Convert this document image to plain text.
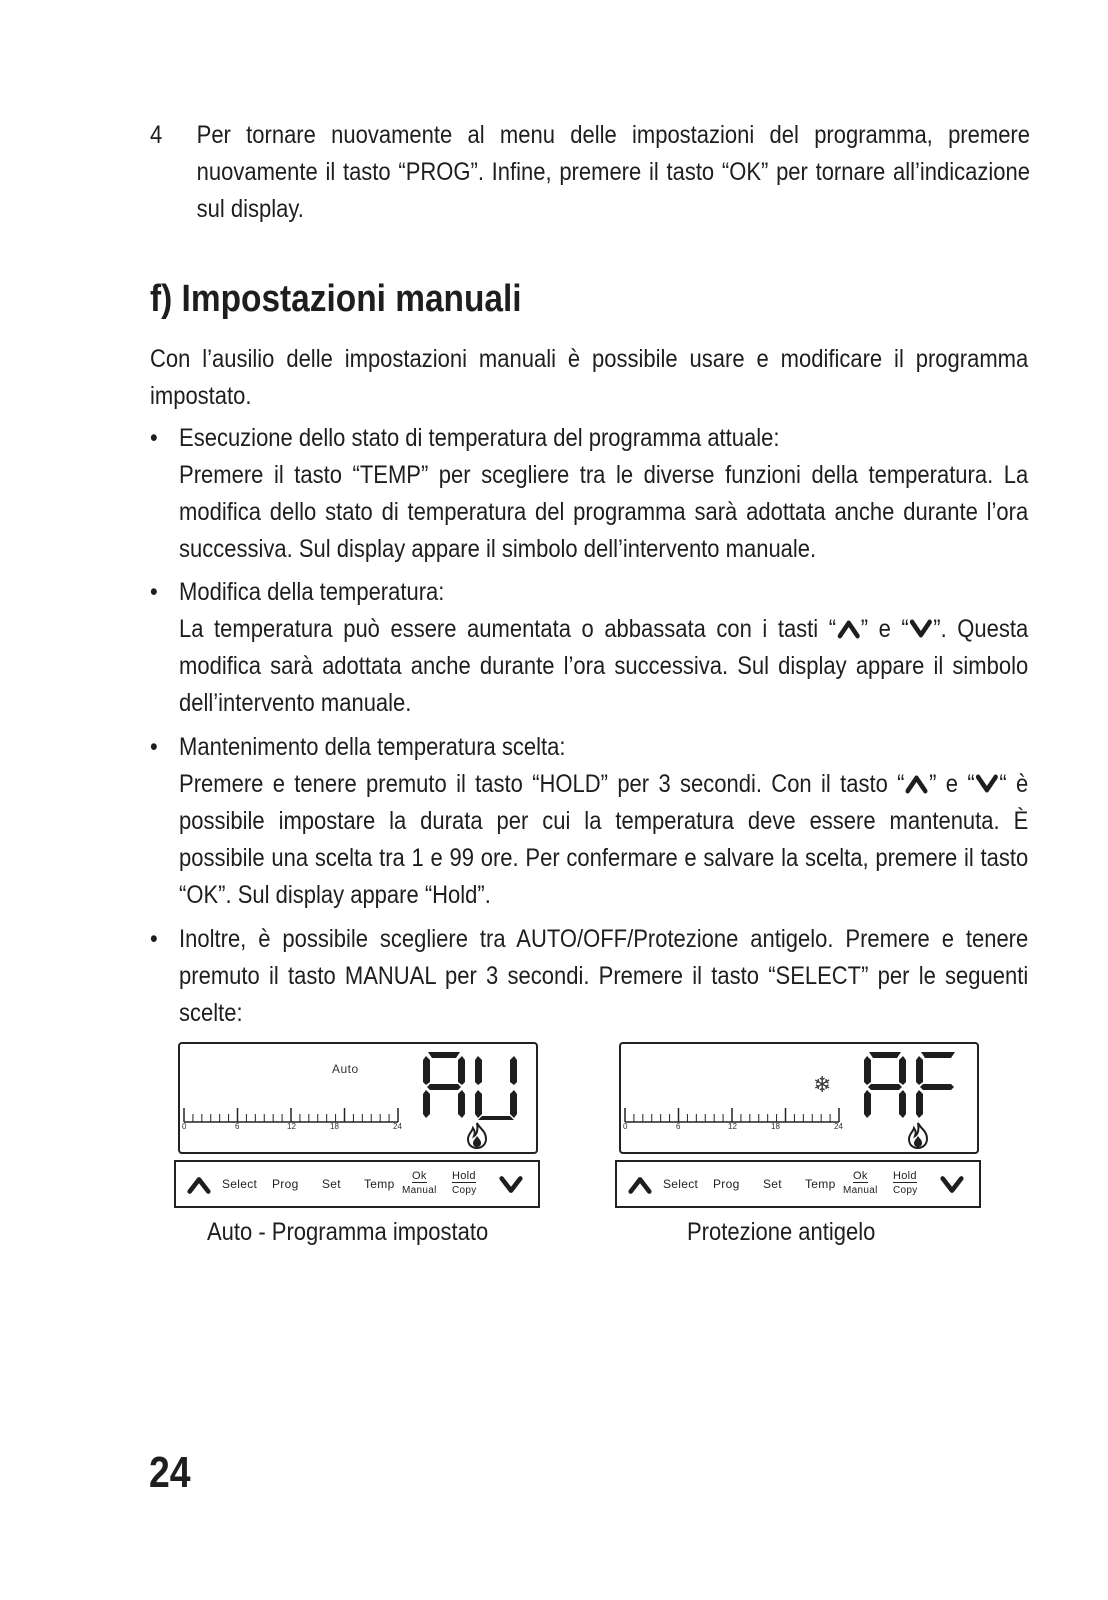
4 Per tornare nuovamente al menu delle impostazioni del programma, premere nuovamente il tasto “PROG”. Infine, premere il tasto “OK” per tornare all’indicazione sul display.
f) Impostazioni manuali
Con l’ausilio delle impostazioni manuali è possibile usare e modificare il programma impostato.
• Esecuzione dello stato di temperatura del programma attuale:
Premere il tasto “TEMP” per scegliere tra le diverse funzioni della temperatura. La modifica dello stato di temperatura del programma sarà adottata anche durante l’ora successiva. Sul display appare il simbolo dell’intervento manuale.
• Modifica della temperatura:
La temperatura può essere aumentata o abbassata con i tasti “ ” e “ ”. Questa modifica sarà adottata anche durante l’ora successiva. Sul display appare il simbolo dell’intervento manuale.
• Mantenimento della temperatura scelta:
Premere e tenere premuto il tasto “HOLD” per 3 secondi. Con il tasto “ ” e “ “ è possibile impostare la durata per cui la temperatura deve essere mantenuta. È possibile una scelta tra 1 e 99 ore. Per confermare e salvare la scelta, premere il tasto “OK”. Sul display appare “Hold”.
• Inoltre, è possibile scegliere tra AUTO/OFF/Protezione antigelo. Premere e tenere premuto il tasto MANUAL per 3 secondi. Premere il tasto “SELECT” per le seguenti scelte:
Auto
0	6	12	18	24
Select Prog Set Temp
Ok
Manual
Hold
Copy
Auto - Programma impostato
❄
0	6	12	18	24
Select Prog Set Temp
Ok
Manual
Hold
Copy
Protezione antigelo
24
